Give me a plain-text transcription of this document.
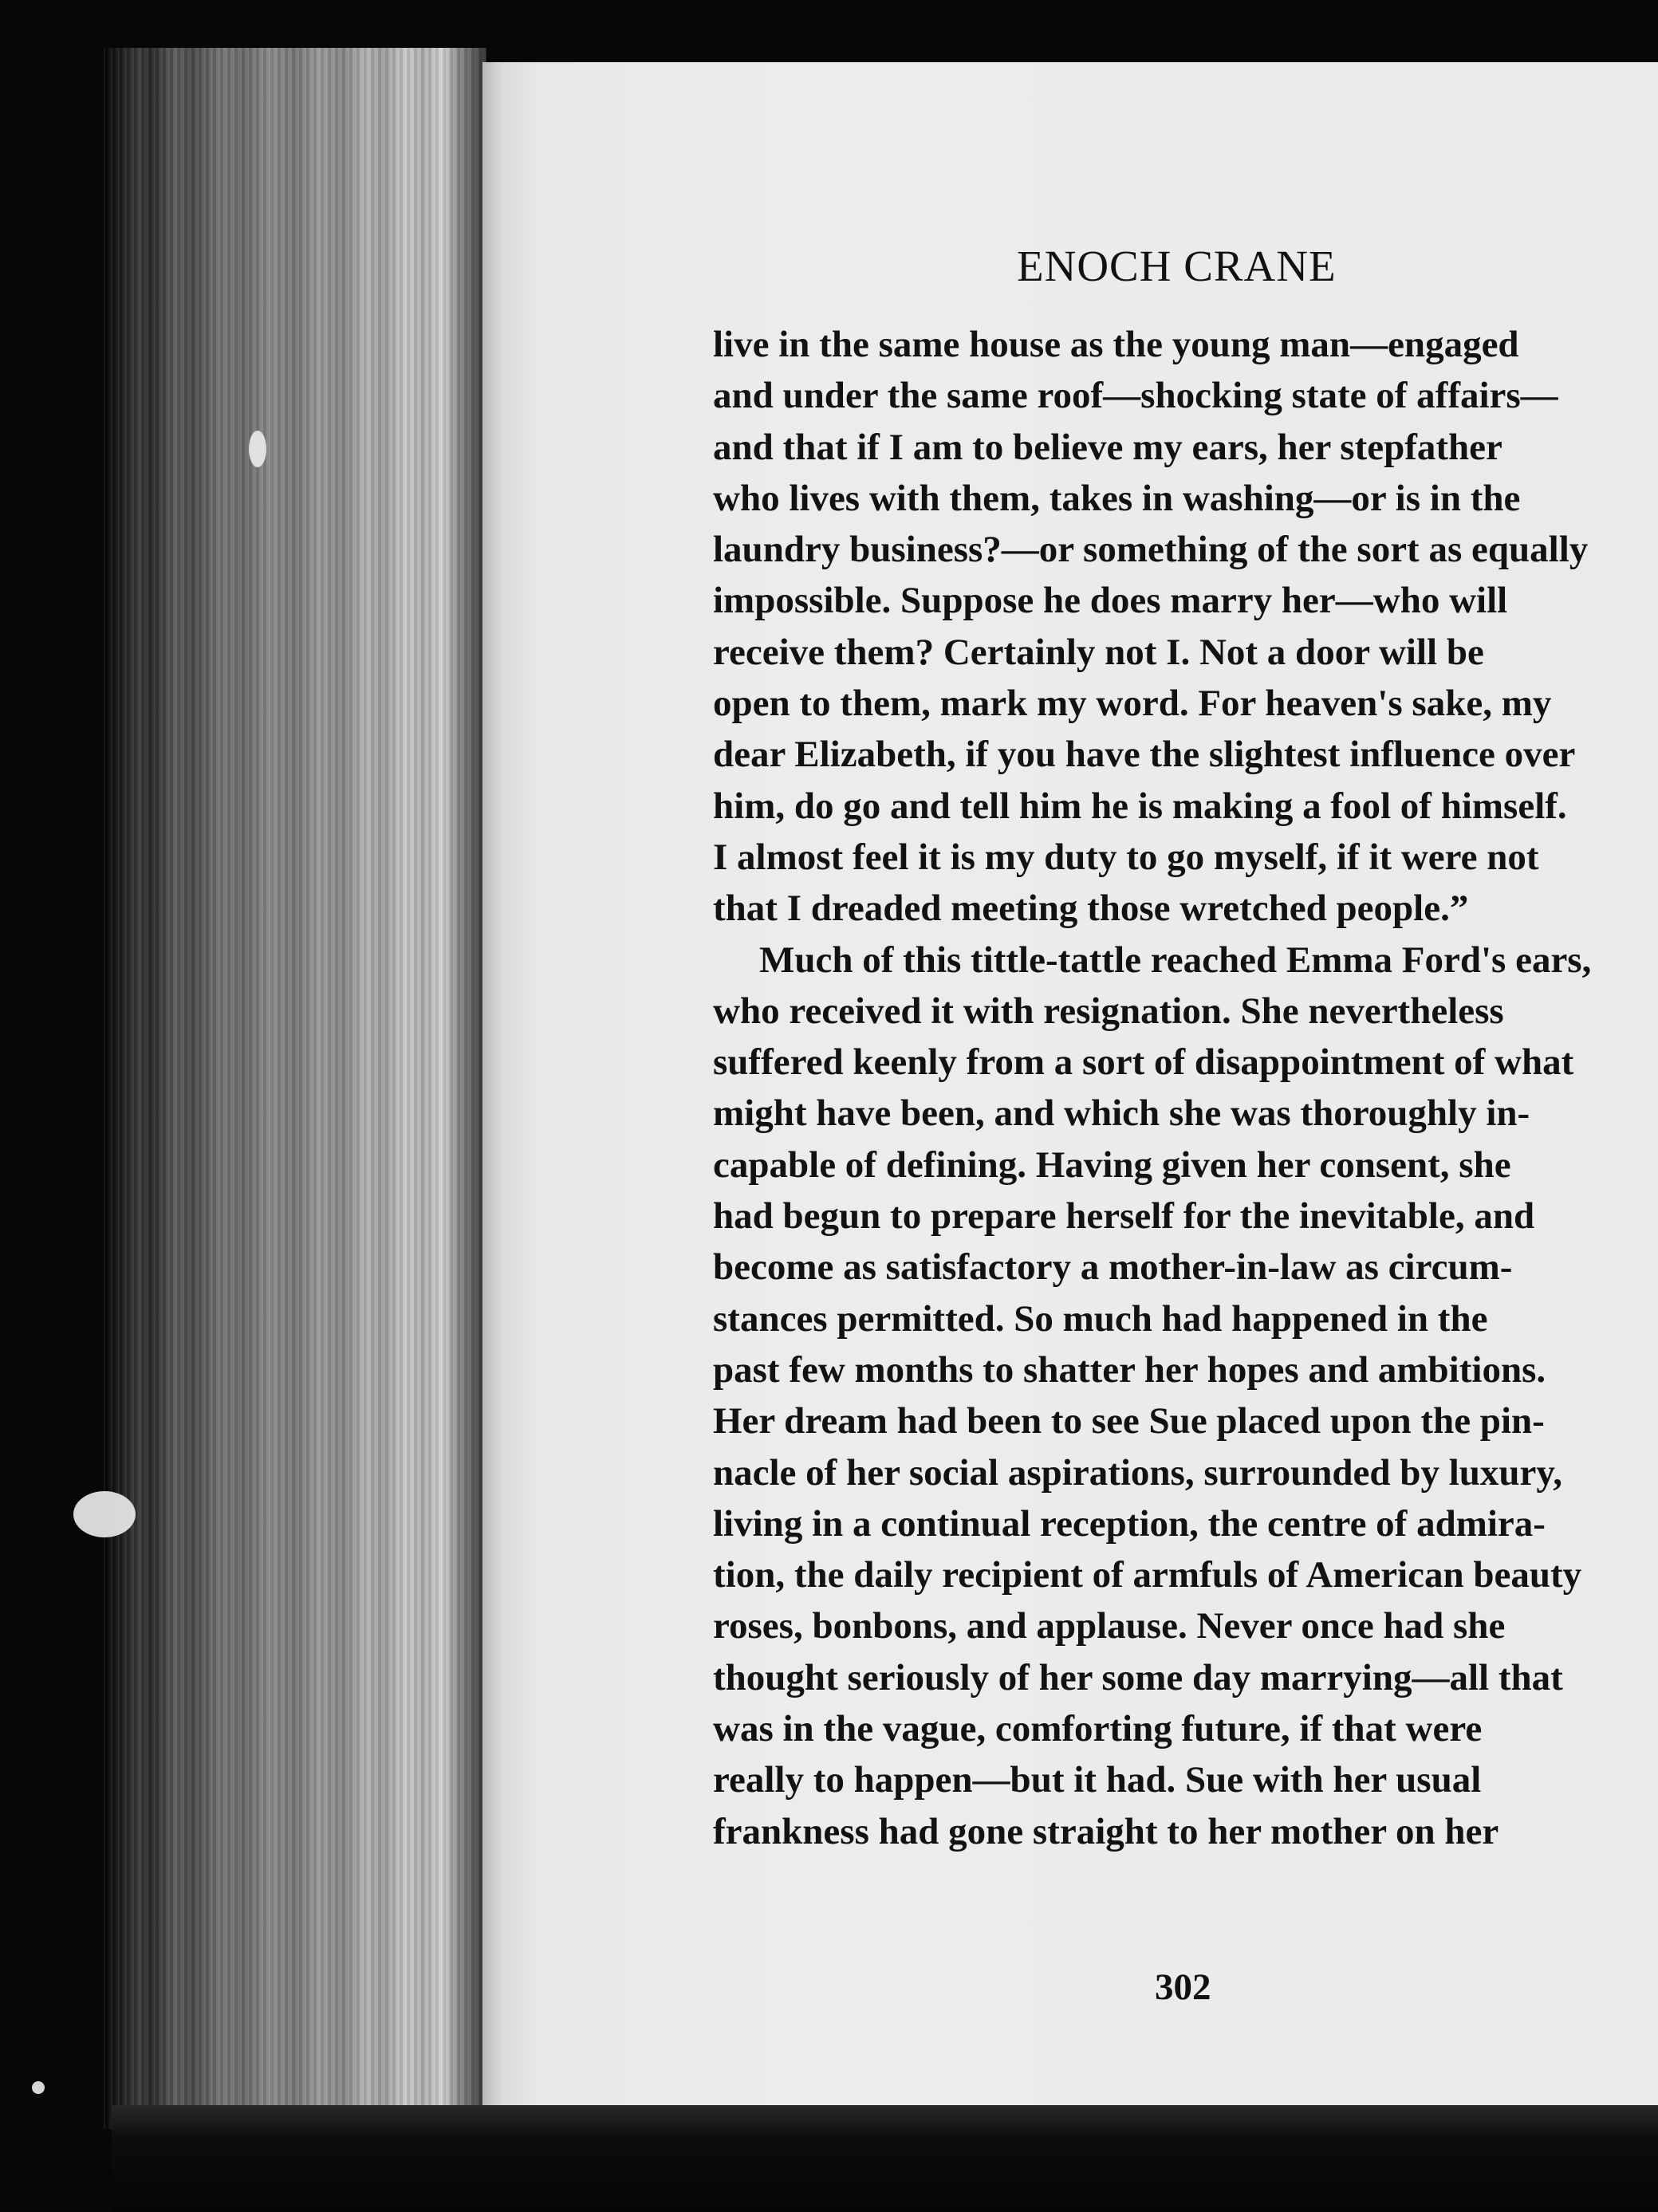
ENOCH CRANE
live in the same house as the young man—engaged
and under the same roof—shocking state of affairs—
and that if I am to believe my ears, her stepfather
who lives with them, takes in washing—or is in the
laundry business?—or something of the sort as equally
impossible. Suppose he does marry her—who will
receive them? Certainly not I. Not a door will be
open to them, mark my word. For heaven's sake, my
dear Elizabeth, if you have the slightest influence over
him, do go and tell him he is making a fool of himself.
I almost feel it is my duty to go myself, if it were not
that I dreaded meeting those wretched people.”
Much of this tittle-tattle reached Emma Ford's ears,
who received it with resignation. She nevertheless
suffered keenly from a sort of disappointment of what
might have been, and which she was thoroughly in-
capable of defining. Having given her consent, she
had begun to prepare herself for the inevitable, and
become as satisfactory a mother-in-law as circum-
stances permitted. So much had happened in the
past few months to shatter her hopes and ambitions.
Her dream had been to see Sue placed upon the pin-
nacle of her social aspirations, surrounded by luxury,
living in a continual reception, the centre of admira-
tion, the daily recipient of armfuls of American beauty
roses, bonbons, and applause. Never once had she
thought seriously of her some day marrying—all that
was in the vague, comforting future, if that were
really to happen—but it had. Sue with her usual
frankness had gone straight to her mother on her
302
